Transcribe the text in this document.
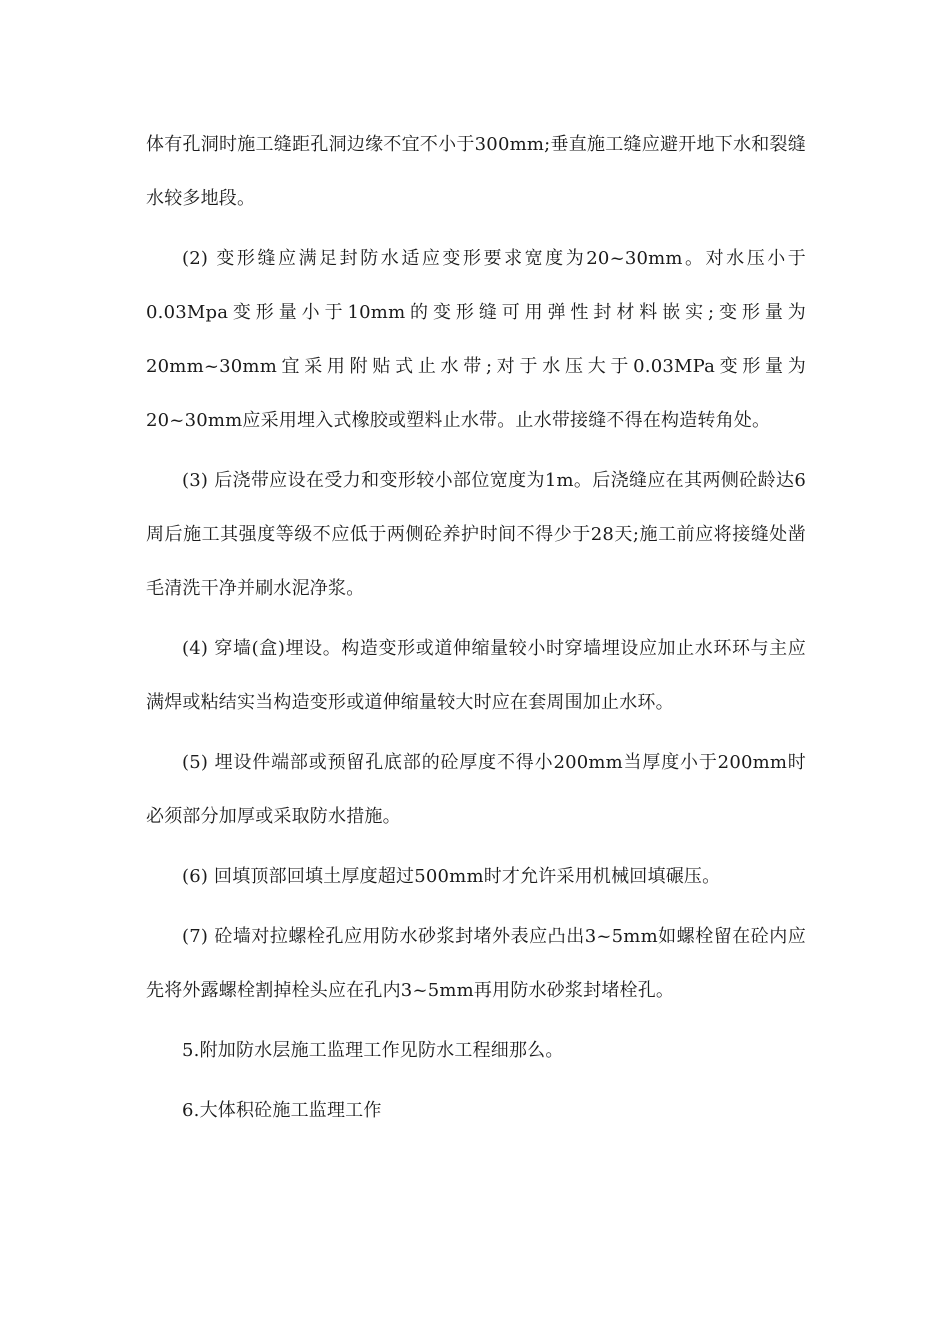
体有孔洞时施工缝距孔洞边缘不宜不小于300mm;垂直施工缝应避开地下水和裂缝水较多地段。

(2) 变形缝应满足封防水适应变形要求宽度为20~30mm。对水压小于0.03Mpa变形量小于10mm的变形缝可用弹性封材料嵌实;变形量为20mm~30mm宜采用附贴式止水带;对于水压大于0.03MPa变形量为20~30mm应采用埋入式橡胶或塑料止水带。止水带接缝不得在构造转角处。

(3) 后浇带应设在受力和变形较小部位宽度为1m。后浇缝应在其两侧砼龄达6周后施工其强度等级不应低于两侧砼养护时间不得少于28天;施工前应将接缝处凿毛清洗干净并刷水泥净浆。

(4) 穿墙(盒)埋设。构造变形或道伸缩量较小时穿墙埋设应加止水环环与主应满焊或粘结实当构造变形或道伸缩量较大时应在套周围加止水环。

(5) 埋设件端部或预留孔底部的砼厚度不得小200mm当厚度小于200mm时必须部分加厚或采取防水措施。

(6) 回填顶部回填土厚度超过500mm时才允许采用机械回填碾压。

(7) 砼墙对拉螺栓孔应用防水砂浆封堵外表应凸出3~5mm如螺栓留在砼内应先将外露螺栓割掉栓头应在孔内3~5mm再用防水砂浆封堵栓孔。

5.附加防水层施工监理工作见防水工程细那么。

6.大体积砼施工监理工作
